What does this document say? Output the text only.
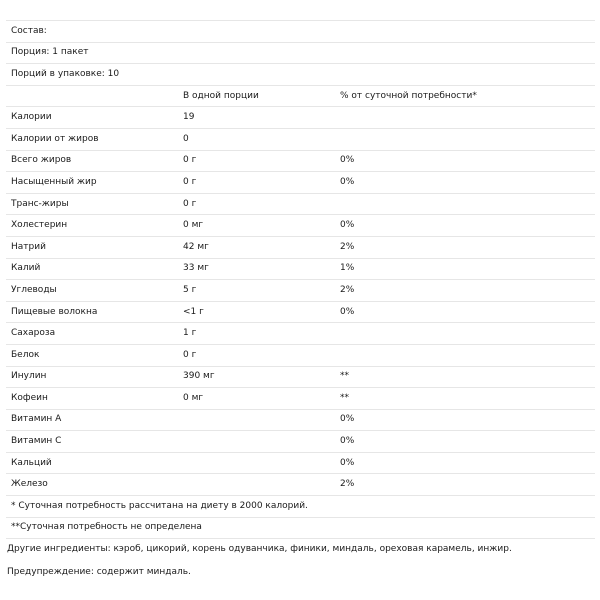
Состав:		
Порция: 1 пакет		
Порций в упаковке: 10		
	В одной порции	% от суточной потребности*
Калории	19	
Калории от жиров	0	
Всего жиров	0 г	0%
Насыщенный жир	0 г	0%
Транс-жиры	0 г	
Холестерин	0 мг	0%
Натрий	42 мг	2%
Калий	33 мг	1%
Углеводы	5 г	2%
Пищевые волокна	<1 г	0%
Сахароза	1 г	
Белок	0 г	
Инулин	390 мг	**
Кофеин	0 мг	**
Витамин A		0%
Витамин C		0%
Кальций		0%
Железо		2%
* Суточная потребность рассчитана на диету в 2000 калорий.		
**Суточная потребность не определена		
Другие ингредиенты: кэроб, цикорий, корень одуванчика, финики, миндаль, ореховая карамель, инжир.
Предупреждение: содержит миндаль.
